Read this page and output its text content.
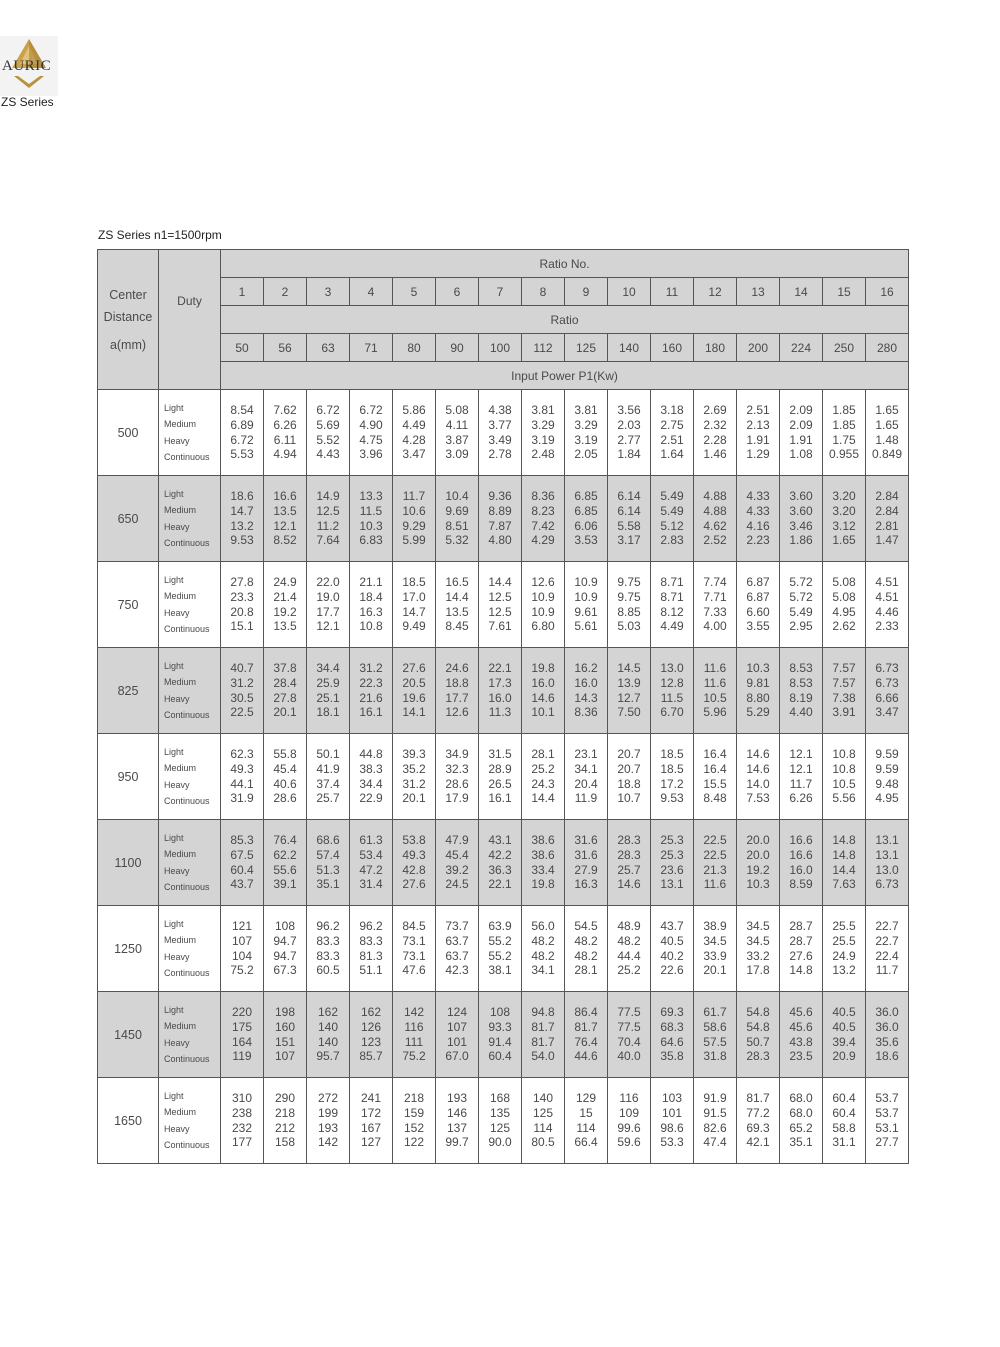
AURIC
ZS Series
ZS Series n1=1500rpm
Center
Distance
a(mm)	Duty	Ratio No.															
		1	2	3	4	5	6	7	8	9	10	11	12	13	14	15	16
		Ratio															
		50	56	63	71	80	90	100	112	125	140	160	180	200	224	250	280
		Input Power P1(Kw)															
500	Light
Medium
Heavy
Continuous	8.54
6.89
6.72
5.53	7.62
6.26
6.11
4.94	6.72
5.69
5.52
4.43	6.72
4.90
4.75
3.96	5.86
4.49
4.28
3.47	5.08
4.11
3.87
3.09	4.38
3.77
3.49
2.78	3.81
3.29
3.19
2.48	3.81
3.29
3.19
2.05	3.56
2.03
2.77
1.84	3.18
2.75
2.51
1.64	2.69
2.32
2.28
1.46	2.51
2.13
1.91
1.29	2.09
2.09
1.91
1.08	1.85
1.85
1.75
0.955	1.65
1.65
1.48
0.849

650	Light
Medium
Heavy
Continuous	18.6
14.7
13.2
9.53	16.6
13.5
12.1
8.52	14.9
12.5
11.2
7.64	13.3
11.5
10.3
6.83	11.7
10.6
9.29
5.99	10.4
9.69
8.51
5.32	9.36
8.89
7.87
4.80	8.36
8.23
7.42
4.29	6.85
6.85
6.06
3.53	6.14
6.14
5.58
3.17	5.49
5.49
5.12
2.83	4.88
4.88
4.62
2.52	4.33
4.33
4.16
2.23	3.60
3.60
3.46
1.86	3.20
3.20
3.12
1.65	2.84
2.84
2.81
1.47

750	Light
Medium
Heavy
Continuous	27.8
23.3
20.8
15.1	24.9
21.4
19.2
13.5	22.0
19.0
17.7
12.1	21.1
18.4
16.3
10.8	18.5
17.0
14.7
9.49	16.5
14.4
13.5
8.45	14.4
12.5
12.5
7.61	12.6
10.9
10.9
6.80	10.9
10.9
9.61
5.61	9.75
9.75
8.85
5.03	8.71
8.71
8.12
4.49	7.74
7.71
7.33
4.00	6.87
6.87
6.60
3.55	5.72
5.72
5.49
2.95	5.08
5.08
4.95
2.62	4.51
4.51
4.46
2.33

825	Light
Medium
Heavy
Continuous	40.7
31.2
30.5
22.5	37.8
28.4
27.8
20.1	34.4
25.9
25.1
18.1	31.2
22.3
21.6
16.1	27.6
20.5
19.6
14.1	24.6
18.8
17.7
12.6	22.1
17.3
16.0
11.3	19.8
16.0
14.6
10.1	16.2
16.0
14.3
8.36	14.5
13.9
12.7
7.50	13.0
12.8
11.5
6.70	11.6
11.6
10.5
5.96	10.3
9.81
8.80
5.29	8.53
8.53
8.19
4.40	7.57
7.57
7.38
3.91	6.73
6.73
6.66
3.47

950	Light
Medium
Heavy
Continuous	62.3
49.3
44.1
31.9	55.8
45.4
40.6
28.6	50.1
41.9
37.4
25.7	44.8
38.3
34.4
22.9	39.3
35.2
31.2
20.1	34.9
32.3
28.6
17.9	31.5
28.9
26.5
16.1	28.1
25.2
24.3
14.4	23.1
34.1
20.4
11.9	20.7
20.7
18.8
10.7	18.5
18.5
17.2
9.53	16.4
16.4
15.5
8.48	14.6
14.6
14.0
7.53	12.1
12.1
11.7
6.26	10.8
10.8
10.5
5.56	9.59
9.59
9.48
4.95

1100	Light
Medium
Heavy
Continuous	85.3
67.5
60.4
43.7	76.4
62.2
55.6
39.1	68.6
57.4
51.3
35.1	61.3
53.4
47.2
31.4	53.8
49.3
42.8
27.6	47.9
45.4
39.2
24.5	43.1
42.2
36.3
22.1	38.6
38.6
33.4
19.8	31.6
31.6
27.9
16.3	28.3
28.3
25.7
14.6	25.3
25.3
23.6
13.1	22.5
22.5
21.3
11.6	20.0
20.0
19.2
10.3	16.6
16.6
16.0
8.59	14.8
14.8
14.4
7.63	13.1
13.1
13.0
6.73

1250	Light
Medium
Heavy
Continuous	121
107
104
75.2	108
94.7
94.7
67.3	96.2
83.3
83.3
60.5	96.2
83.3
81.3
51.1	84.5
73.1
73.1
47.6	73.7
63.7
63.7
42.3	63.9
55.2
55.2
38.1	56.0
48.2
48.2
34.1	54.5
48.2
48.2
28.1	48.9
48.2
44.4
25.2	43.7
40.5
40.2
22.6	38.9
34.5
33.9
20.1	34.5
34.5
33.2
17.8	28.7
28.7
27.6
14.8	25.5
25.5
24.9
13.2	22.7
22.7
22.4
11.7

1450	Light
Medium
Heavy
Continuous	220
175
164
119	198
160
151
107	162
140
140
95.7	162
126
123
85.7	142
116
111
75.2	124
107
101
67.0	108
93.3
91.4
60.4	94.8
81.7
81.7
54.0	86.4
81.7
76.4
44.6	77.5
77.5
70.4
40.0	69.3
68.3
64.6
35.8	61.7
58.6
57.5
31.8	54.8
54.8
50.7
28.3	45.6
45.6
43.8
23.5	40.5
40.5
39.4
20.9	36.0
36.0
35.6
18.6

1650	Light
Medium
Heavy
Continuous	310
238
232
177	290
218
212
158	272
199
193
142	241
172
167
127	218
159
152
122	193
146
137
99.7	168
135
125
90.0	140
125
114
80.5	129
15
114
66.4	116
109
99.6
59.6	103
101
98.6
53.3	91.9
91.5
82.6
47.4	81.7
77.2
69.3
42.1	68.0
68.0
65.2
35.1	60.4
60.4
58.8
31.1	53.7
53.7
53.1
27.7
